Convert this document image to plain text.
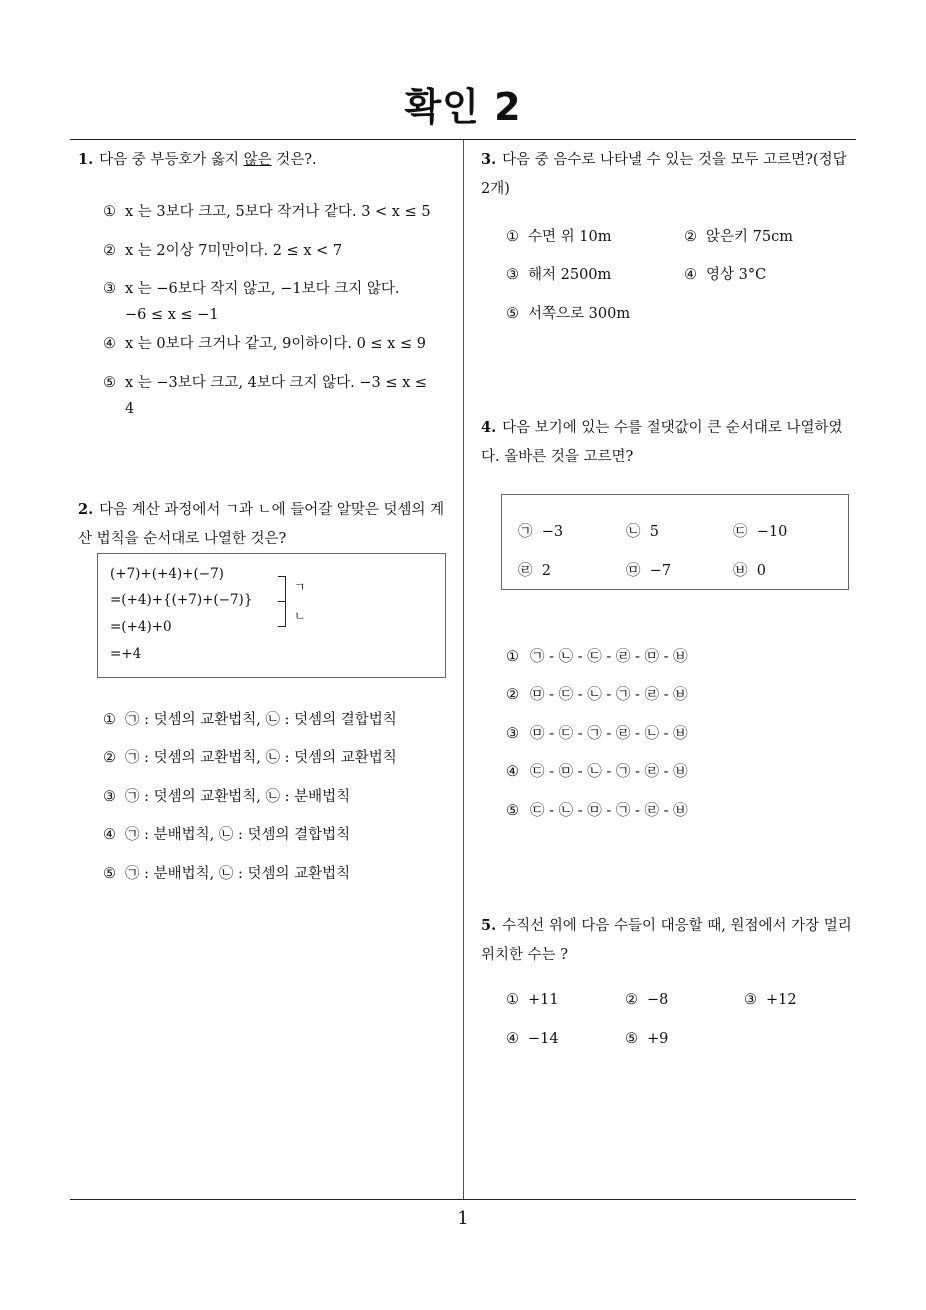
확인 2
1
1. 다음 중 부등호가 옳지 않은 것은?.
① x 는 3보다 크고, 5보다 작거나 같다. 3 < x ≤ 5
② x 는 2이상 7미만이다. 2 ≤ x < 7
③ x 는 −6보다 작지 않고, −1보다 크지 않다.
−6 ≤ x ≤ −1
④ x 는 0보다 크거나 같고, 9이하이다. 0 ≤ x ≤ 9
⑤ x 는 −3보다 크고, 4보다 크지 않다. −3 ≤ x ≤
4
2. 다음 계산 과정에서 ㄱ과 ㄴ에 들어갈 알맞은 덧셈의 계산 법칙을 순서대로 나열한 것은?
(+7)+(+4)+(−7)
=(+4)+{(+7)+(−7)}
=(+4)+0
=+4
ㄱ
ㄴ
① ㉠ : 덧셈의 교환법칙, ㉡ : 덧셈의 결합법칙
② ㉠ : 덧셈의 교환법칙, ㉡ : 덧셈의 교환법칙
③ ㉠ : 덧셈의 교환법칙, ㉡ : 분배법칙
④ ㉠ : 분배법칙, ㉡ : 덧셈의 결합법칙
⑤ ㉠ : 분배법칙, ㉡ : 덧셈의 교환법칙
3. 다음 중 음수로 나타낼 수 있는 것을 모두 고르면?(정답 2개)
① 수면 위 10m	② 앉은키 75cm
③ 해저 2500m	④ 영상 3°C
⑤ 서쪽으로 300m
4. 다음 보기에 있는 수를 절댓값이 큰 순서대로 나열하였다. 올바른 것을 고르면?
㉠ −3	㉡ 5	㉢ −10
㉣ 2	㉤ −7	㉥ 0
① ㉠ - ㉡ - ㉢ - ㉣ - ㉤ - ㉥
② ㉤ - ㉢ - ㉡ - ㉠ - ㉣ - ㉥
③ ㉤ - ㉢ - ㉠ - ㉣ - ㉡ - ㉥
④ ㉢ - ㉤ - ㉡ - ㉠ - ㉣ - ㉥
⑤ ㉢ - ㉡ - ㉤ - ㉠ - ㉣ - ㉥
5. 수직선 위에 다음 수들이 대응할 때, 원점에서 가장 멀리 위치한 수는 ?
① +11	② −8	③ +12
④ −14	⑤ +9
